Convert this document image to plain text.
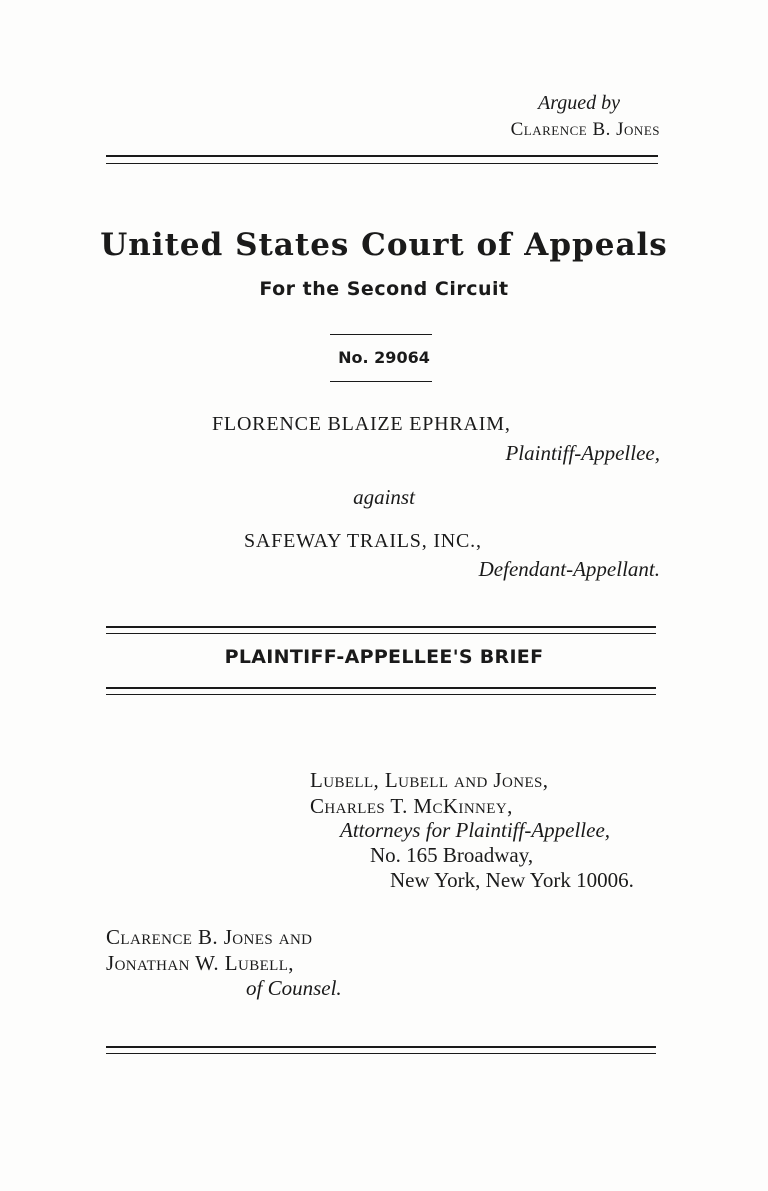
Argued by
Clarence B. Jones
United States Court of Appeals
For the Second Circuit
No. 29064
FLORENCE BLAIZE EPHRAIM,
Plaintiff-Appellee,
against
SAFEWAY TRAILS, INC.,
Defendant-Appellant.
PLAINTIFF-APPELLEE'S BRIEF
Lubell, Lubell and Jones,
Charles T. McKinney,
Attorneys for Plaintiff-Appellee,
No. 165 Broadway,
New York, New York 10006.
Clarence B. Jones and
Jonathan W. Lubell,
of Counsel.
